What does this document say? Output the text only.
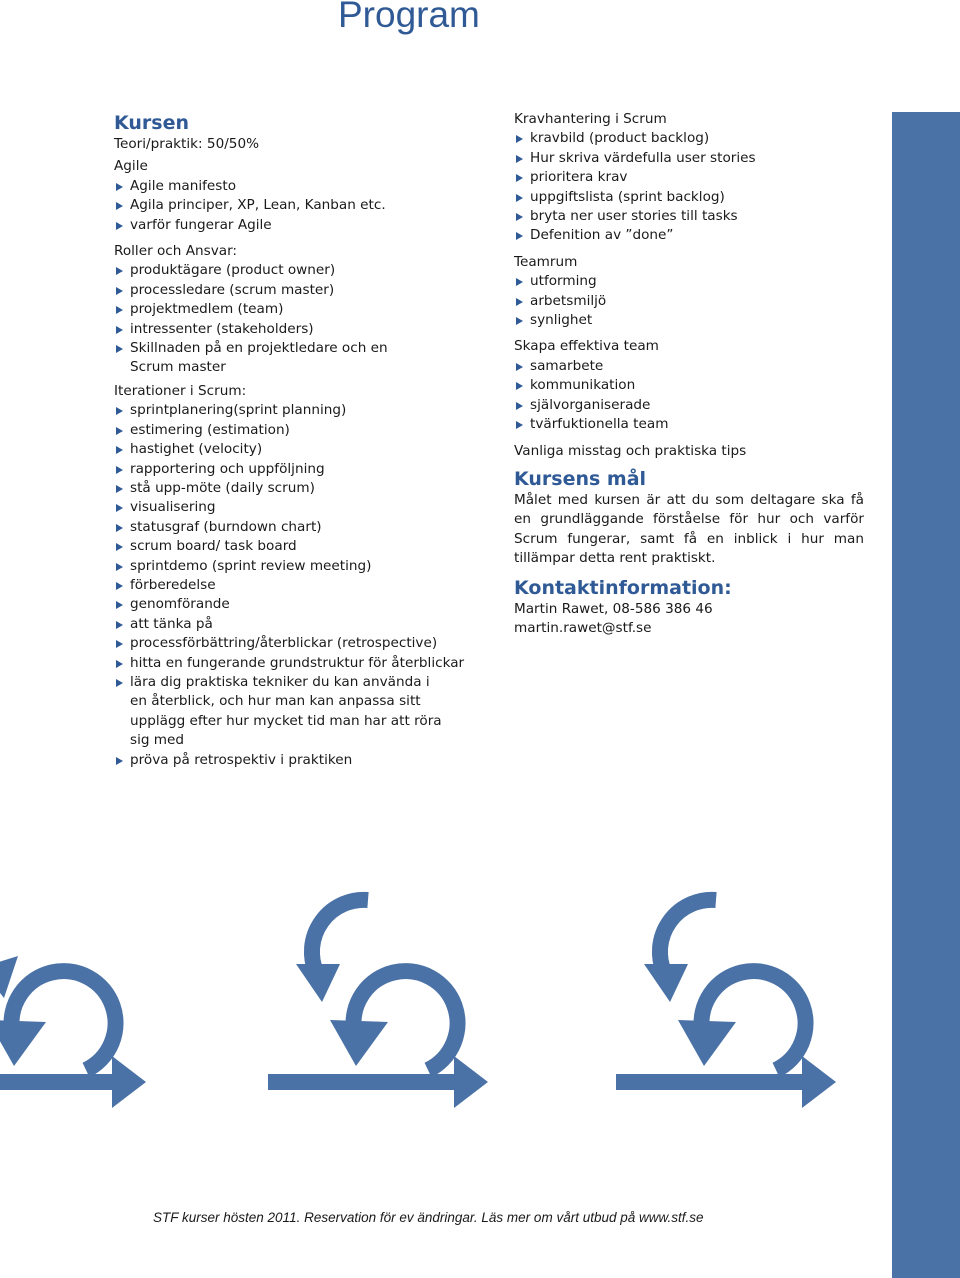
Program

Kursen

Teori/praktik: 50/50%

Agile

Agile manifesto
Agila principer, XP, Lean, Kanban etc.
varför fungerar Agile

Roller och Ansvar:

produktägare (product owner)
processledare (scrum master)
projektmedlem (team)
intressenter (stakeholders)
Skillnaden på en projektledare och en Scrum master

Iterationer i Scrum:

sprintplanering(sprint planning)
estimering (estimation)
hastighet (velocity)
rapportering och uppföljning
stå upp-möte (daily scrum)
visualisering
statusgraf (burndown chart)
scrum board/ task board
sprintdemo (sprint review meeting)
förberedelse
genomförande
att tänka på
processförbättring/återblickar (retrospective)
hitta en fungerande grundstruktur för återblickar
lära dig praktiska tekniker du kan använda i en återblick, och hur man kan anpassa sitt upplägg efter hur mycket tid man har att röra sig med
pröva på retrospektiv i praktiken

Kravhantering i Scrum

kravbild (product backlog)
Hur skriva värdefulla user stories
prioritera krav
uppgiftslista (sprint backlog)
bryta ner user stories till tasks
Defenition av ”done”

Teamrum

utforming
arbetsmiljö
synlighet

Skapa effektiva team

samarbete
kommunikation
självorganiserade
tvärfuktionella team

Vanliga misstag och praktiska tips

Kursens mål

Målet med kursen är att du som deltagare ska få en grundläggande förståelse för hur och varför Scrum fungerar, samt få en inblick i hur man tillämpar detta rent praktiskt.

Kontaktinformation:

Martin Rawet, 08-586 386 46

martin.rawet@stf.se

STF kurser hösten 2011. Reservation för ev ändringar. Läs mer om vårt utbud på www.stf.se
